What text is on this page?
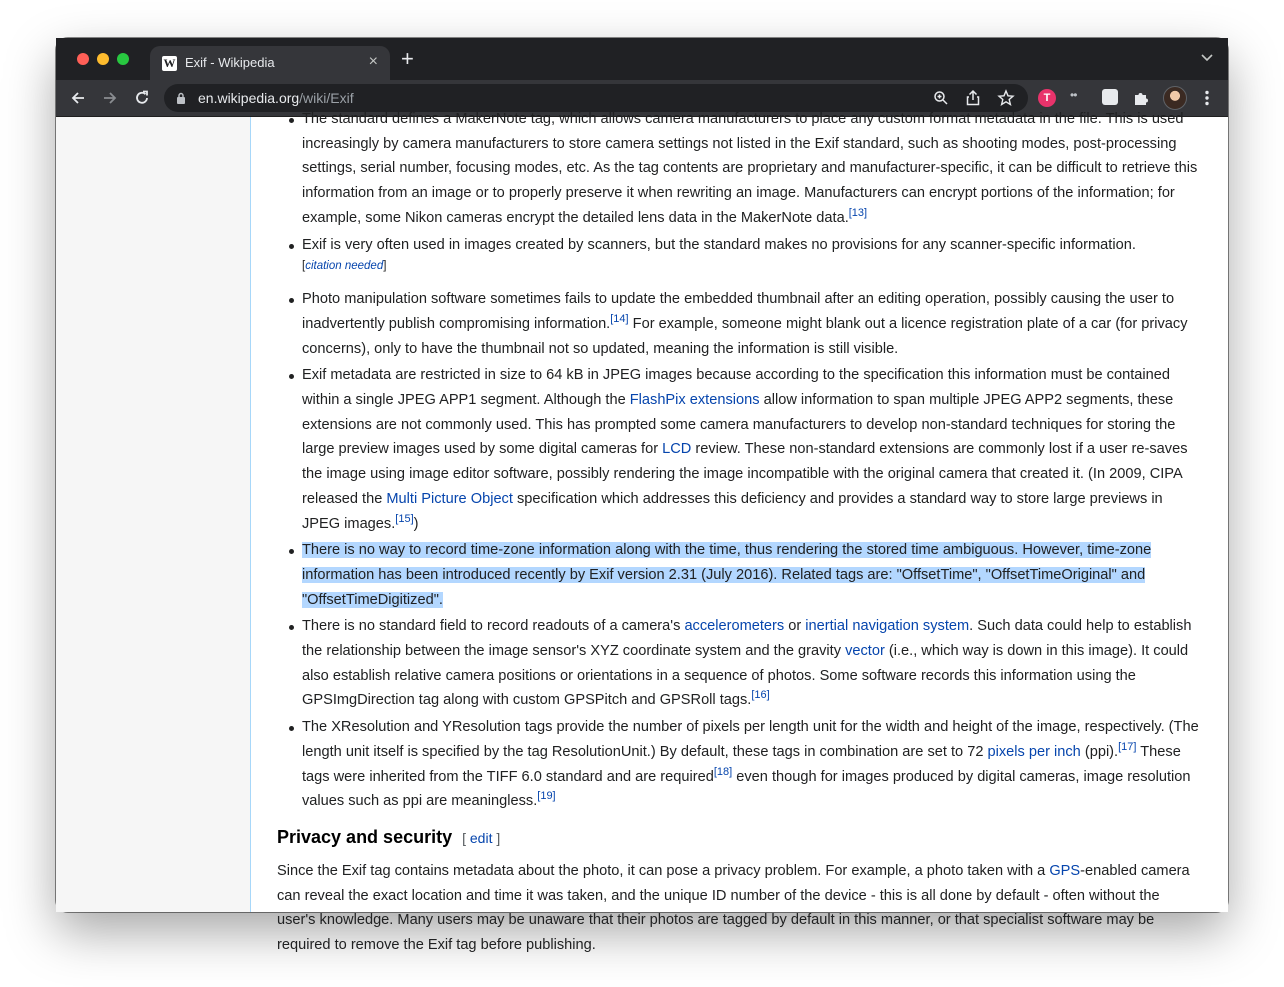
W Exif - Wikipedia	× +
en.wikipedia.org/wiki/Exif	T	••
The standard defines a MakerNote tag, which allows camera manufacturers to place any custom format metadata in the file. This is used increasingly by camera manufacturers to store camera settings not listed in the Exif standard, such as shooting modes, post-processing settings, serial number, focusing modes, etc. As the tag contents are proprietary and manufacturer-specific, it can be difficult to retrieve this information from an image or to properly preserve it when rewriting an image. Manufacturers can encrypt portions of the information; for example, some Nikon cameras encrypt the detailed lens data in the MakerNote data.[13]
Exif is very often used in images created by scanners, but the standard makes no provisions for any scanner-specific information.
[citation needed]
Photo manipulation software sometimes fails to update the embedded thumbnail after an editing operation, possibly causing the user to inadvertently publish compromising information.[14] For example, someone might blank out a licence registration plate of a car (for privacy concerns), only to have the thumbnail not so updated, meaning the information is still visible.
Exif metadata are restricted in size to 64 kB in JPEG images because according to the specification this information must be contained within a single JPEG APP1 segment. Although the FlashPix extensions allow information to span multiple JPEG APP2 segments, these extensions are not commonly used. This has prompted some camera manufacturers to develop non-standard techniques for storing the large preview images used by some digital cameras for LCD review. These non-standard extensions are commonly lost if a user re-saves the image using image editor software, possibly rendering the image incompatible with the original camera that created it. (In 2009, CIPA released the Multi Picture Object specification which addresses this deficiency and provides a standard way to store large previews in JPEG images.[15])
There is no way to record time-zone information along with the time, thus rendering the stored time ambiguous. However, time-zone information has been introduced recently by Exif version 2.31 (July 2016). Related tags are: "OffsetTime", "OffsetTimeOriginal" and "OffsetTimeDigitized".
There is no standard field to record readouts of a camera's accelerometers or inertial navigation system. Such data could help to establish the relationship between the image sensor's XYZ coordinate system and the gravity vector (i.e., which way is down in this image). It could also establish relative camera positions or orientations in a sequence of photos. Some software records this information using the GPSImgDirection tag along with custom GPSPitch and GPSRoll tags.[16]
The XResolution and YResolution tags provide the number of pixels per length unit for the width and height of the image, respectively. (The length unit itself is specified by the tag ResolutionUnit.) By default, these tags in combination are set to 72 pixels per inch (ppi).[17] These tags were inherited from the TIFF 6.0 standard and are required[18] even though for images produced by digital cameras, image resolution values such as ppi are meaningless.[19]
Privacy and security [ edit ]

Since the Exif tag contains metadata about the photo, it can pose a privacy problem. For example, a photo taken with a GPS-enabled camera can reveal the exact location and time it was taken, and the unique ID number of the device - this is all done by default - often without the user's knowledge. Many users may be unaware that their photos are tagged by default in this manner, or that specialist software may be required to remove the Exif tag before publishing.
